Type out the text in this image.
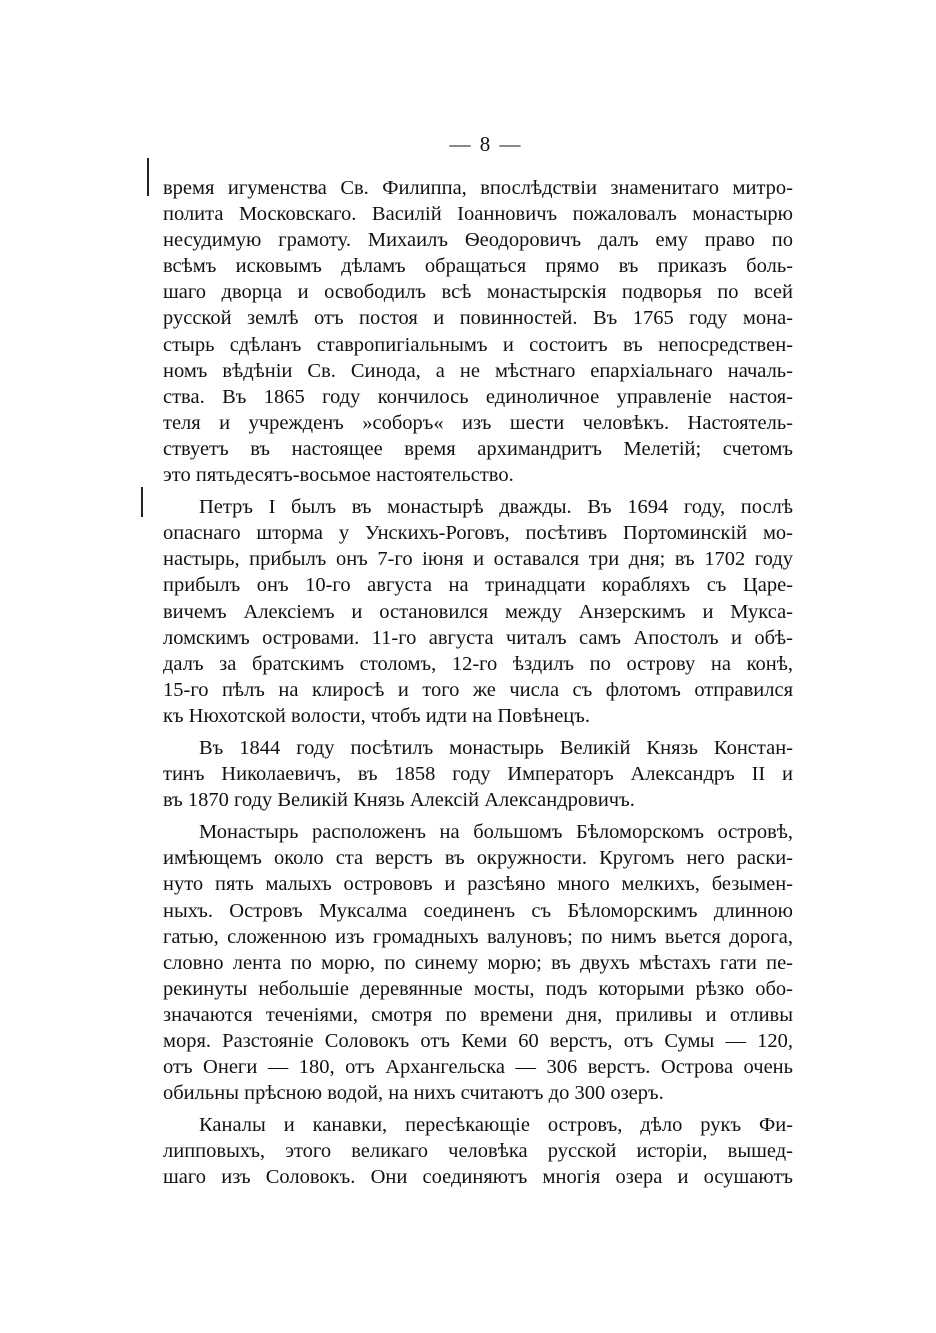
— 8 —
время игуменства Св. Филиппа, впослѣдствіи знаменитаго митро-
полита Московскаго. Василій Іоанновичъ пожаловалъ монастырю
несудимую грамоту. Михаилъ Ѳеодоровичъ далъ ему право по
всѣмъ исковымъ дѣламъ обращаться прямо въ приказъ боль-
шаго дворца и освободилъ всѣ монастырскія подворья по всей
русской землѣ отъ постоя и повинностей. Въ 1765 году мона-
стырь сдѣланъ ставропигіальнымъ и состоитъ въ непосредствен-
номъ вѣдѣніи Св. Синода, а не мѣстнаго епархіальнаго началь-
ства. Въ 1865 году кончилось единоличное управленіе настоя-
теля и учрежденъ »соборъ« изъ шести человѣкъ. Настоятель-
ствуетъ въ настоящее время архимандритъ Мелетій; счетомъ
это пятьдесятъ-восьмое настоятельство.
Петръ I былъ въ монастырѣ дважды. Въ 1694 году, послѣ
опаснаго шторма у Унскихъ-Роговъ, посѣтивъ Портоминскій мо-
настырь, прибылъ онъ 7-го іюня и оставался три дня; въ 1702 году
прибылъ онъ 10-го августа на тринадцати корабляхъ съ Царе-
вичемъ Алексіемъ и остановился между Анзерскимъ и Мукса-
ломскимъ островами. 11-го августа читалъ самъ Апостолъ и обѣ-
далъ за братскимъ столомъ, 12-го ѣздилъ по острову на конѣ,
15-го пѣлъ на клиросѣ и того же числа съ флотомъ отправился
къ Нюхотской волости, чтобъ идти на Повѣнецъ.
Въ 1844 году посѣтилъ монастырь Великій Князь Констан-
тинъ Николаевичъ, въ 1858 году Императоръ Александръ II и
въ 1870 году Великій Князь Алексій Александровичъ.
Монастырь расположенъ на большомъ Бѣломорскомъ островѣ,
имѣющемъ около ста верстъ въ окружности. Кругомъ него раски-
нуто пять малыхъ острововъ и разсѣяно много мелкихъ, безымен-
ныхъ. Островъ Муксалма соединенъ съ Бѣломорскимъ длинною
гатью, сложенною изъ громадныхъ валуновъ; по нимъ вьется дорога,
словно лента по морю, по синему морю; въ двухъ мѣстахъ гати пе-
рекинуты небольшіе деревянные мосты, подъ которыми рѣзко обо-
значаются теченіями, смотря по времени дня, приливы и отливы
моря. Разстояніе Соловокъ отъ Кеми 60 верстъ, отъ Сумы — 120,
отъ Онеги — 180, отъ Архангельска — 306 верстъ. Острова очень
обильны прѣсною водой, на нихъ считаютъ до 300 озеръ.
Каналы и канавки, пересѣкающіе островъ, дѣло рукъ Фи-
липповыхъ, этого великаго человѣка русской исторіи, вышед-
шаго изъ Соловокъ. Они соединяютъ многія озера и осушаютъ
